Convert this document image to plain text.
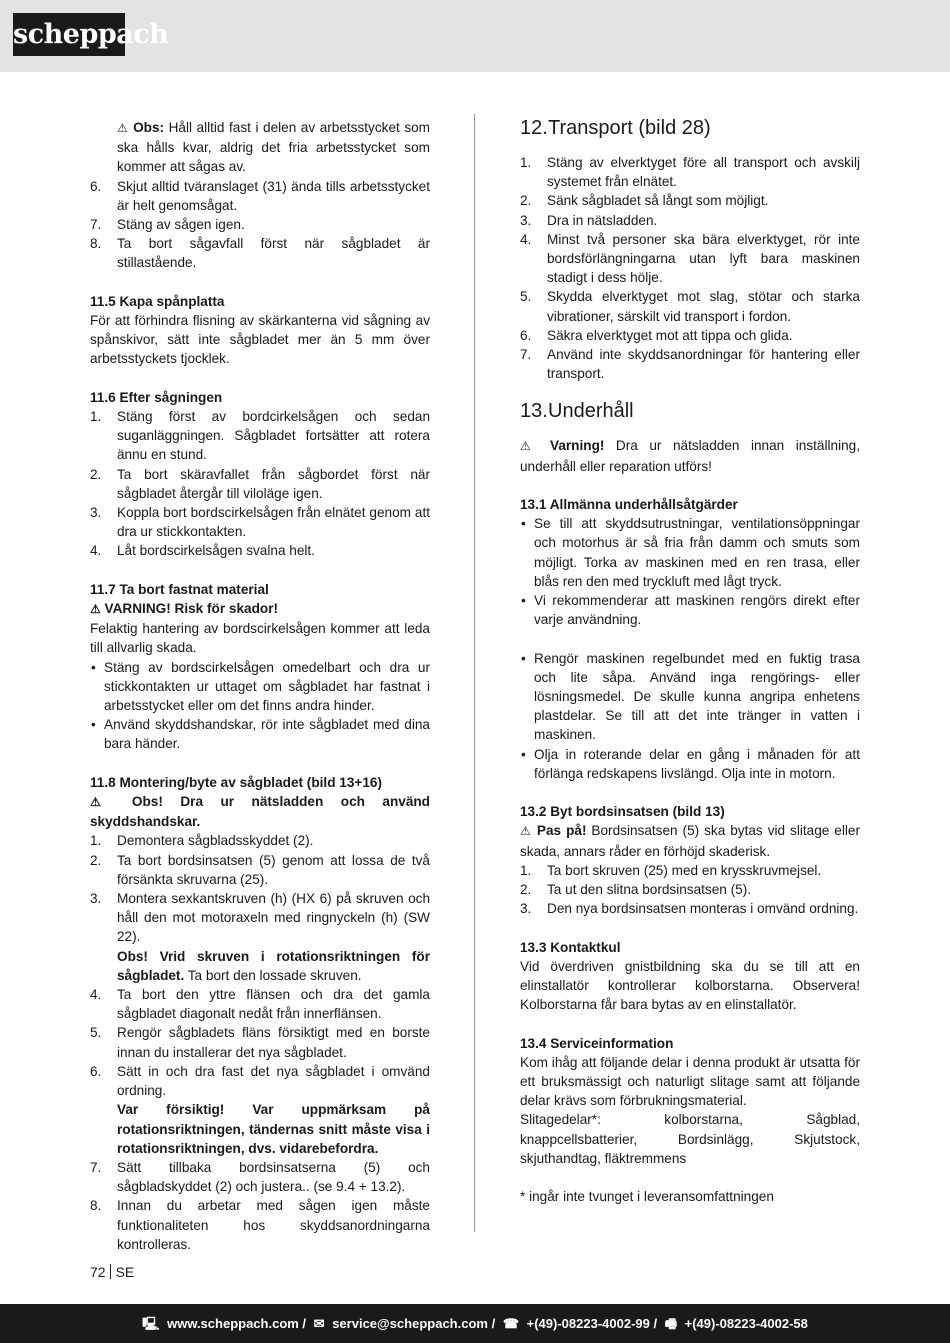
scheppach

⚠ Obs: Håll alltid fast i delen av arbetsstycket som ska hålls kvar, aldrig det fria arbetsstycket som kommer att sågas av.

6. Skjut alltid tväranslaget (31) ända tills arbetsstycket är helt genomsågat.
7. Stäng av sågen igen.
8. Ta bort sågavfall först när sågbladet är stillastående.

11.5 Kapa spånplatta

För att förhindra flisning av skärkanterna vid sågning av spånskivor, sätt inte sågbladet mer än 5 mm över arbetsstyckets tjocklek.

11.6 Efter sågningen

1. Stäng först av bordcirkelsågen och sedan suganläggningen. Sågbladet fortsätter att rotera ännu en stund.
2. Ta bort skäravfallet från sågbordet först när sågbladet återgår till viloläge igen.
3. Koppla bort bordscirkelsågen från elnätet genom att dra ur stickkontakten.
4. Låt bordscirkelsågen svalna helt.

11.7 Ta bort fastnat material

⚠ VARNING! Risk för skador!

Felaktig hantering av bordscirkelsågen kommer att leda till allvarlig skada.

• Stäng av bordscirkelsågen omedelbart och dra ur stickkontakten ur uttaget om sågbladet har fastnat i arbetsstycket eller om det finns andra hinder.
• Använd skyddshandskar, rör inte sågbladet med dina bara händer.

11.8 Montering/byte av sågbladet (bild 13+16)

⚠ Obs! Dra ur nätsladden och använd skyddshandskar.

1. Demontera sågbladsskyddet (2).
2. Ta bort bordsinsatsen (5) genom att lossa de två försänkta skruvarna (25).
3. Montera sexkantskruven (h) (HX 6) på skruven och håll den mot motoraxeln med ringnyckeln (h) (SW 22).

Obs! Vrid skruven i rotationsriktningen för sågbladet. Ta bort den lossade skruven.

4. Ta bort den yttre flänsen och dra det gamla sågbladet diagonalt nedåt från innerflänsen.
5. Rengör sågbladets fläns försiktigt med en borste innan du installerar det nya sågbladet.
6. Sätt in och dra fast det nya sågbladet i omvänd ordning.

Var försiktig! Var uppmärksam på rotationsriktningen, tändernas snitt måste visa i rotationsriktningen, dvs. vidarebefordra.

7. Sätt tillbaka bordsinsatserna (5) och sågbladskyddet (2) och justera.. (se 9.4 + 13.2).
8. Innan du arbetar med sågen igen måste funktionaliteten hos skyddsanordningarna kontrolleras.

12.Transport (bild 28)

1. Stäng av elverktyget före all transport och avskilj systemet från elnätet.
2. Sänk sågbladet så långt som möjligt.
3. Dra in nätsladden.
4. Minst två personer ska bära elverktyget, rör inte bordsförlängningarna utan lyft bara maskinen stadigt i dess hölje.
5. Skydda elverktyget mot slag, stötar och starka vibrationer, särskilt vid transport i fordon.
6. Säkra elverktyget mot att tippa och glida.
7. Använd inte skyddsanordningar för hantering eller transport.

13.Underhåll

⚠ Varning! Dra ur nätsladden innan inställning, underhåll eller reparation utförs!

13.1 Allmänna underhållsåtgärder

• Se till att skyddsutrustningar, ventilationsöppningar och motorhus är så fria från damm och smuts som möjligt. Torka av maskinen med en ren trasa, eller blås ren den med tryckluft med lågt tryck.
• Vi rekommenderar att maskinen rengörs direkt efter varje användning.
• Rengör maskinen regelbundet med en fuktig trasa och lite såpa. Använd inga rengörings- eller lösningsmedel. De skulle kunna angripa enhetens plastdelar. Se till att det inte tränger in vatten i maskinen.
• Olja in roterande delar en gång i månaden för att förlänga redskapens livslängd. Olja inte in motorn.

13.2 Byt bordsinsatsen (bild 13)

⚠ Pas på! Bordsinsatsen (5) ska bytas vid slitage eller skada, annars råder en förhöjd skaderisk.

1. Ta bort skruven (25) med en krysskruvmejsel.
2. Ta ut den slitna bordsinsatsen (5).
3. Den nya bordsinsatsen monteras i omvänd ordning.

13.3 Kontaktkul

Vid överdriven gnistbildning ska du se till att en elinstallatör kontrollerar kolborstarna. Observera! Kolborstarna får bara bytas av en elinstallatör.

13.4 Serviceinformation

Kom ihåg att följande delar i denna produkt är utsatta för ett bruksmässigt och naturligt slitage samt att följande delar krävs som förbrukningsmaterial.

Slitagedelar*: kolborstarna, Sågblad, knappcellsbatterier, Bordsinlägg, Skjutstock, skjuthandtag, fläktremmens

* ingår inte tvunget i leveransomfattningen

72 SE
🖳 www.scheppach.com / ✉ service@scheppach.com / ☎ +(49)-08223-4002-99 / 🖷 +(49)-08223-4002-58
